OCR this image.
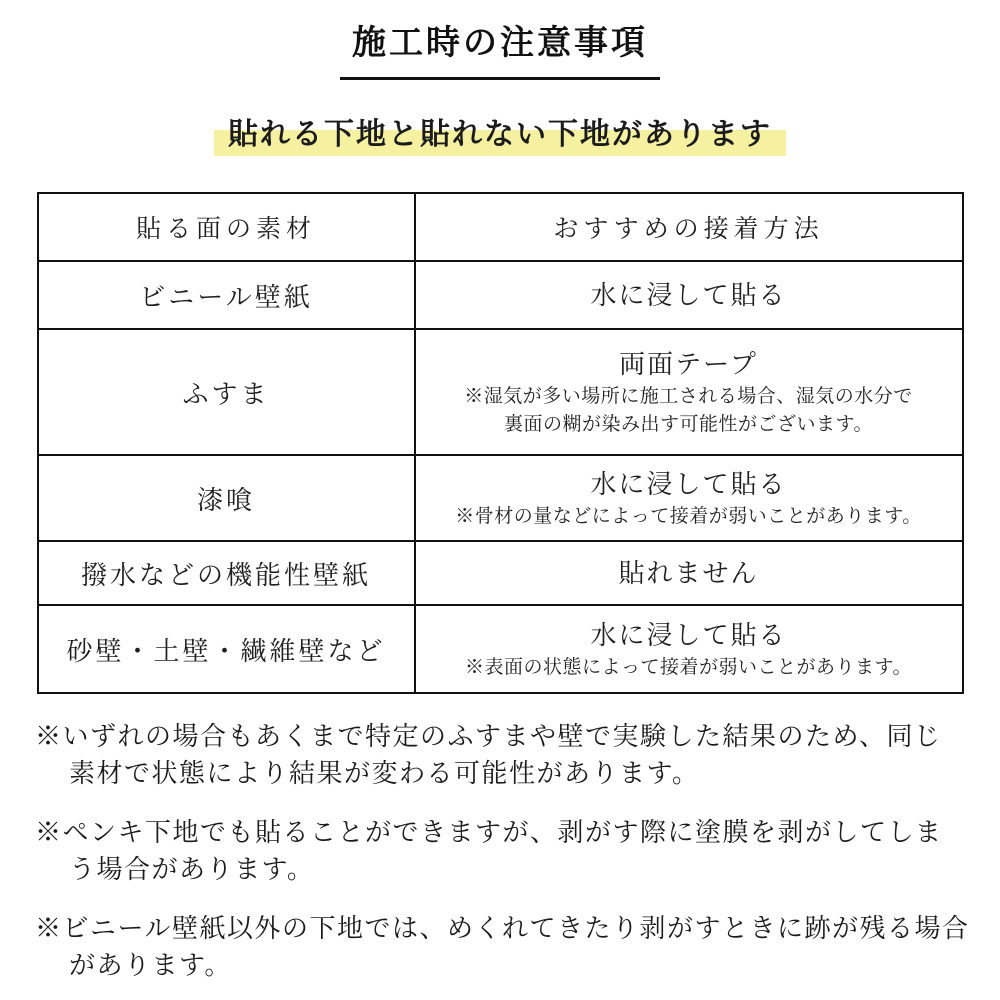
施工時の注意事項
貼れる下地と貼れない下地があります
貼る面の素材	おすすめの接着方法
ビニール壁紙	水に浸して貼る

ふすま	両面テープ
※湿気が多い場所に施工される場合、湿気の水分で
裏面の糊が染み出す可能性がございます。

漆喰	水に浸して貼る
※骨材の量などによって接着が弱いことがあります。

撥水などの機能性壁紙	貼れません

砂壁・土壁・繊維壁など	水に浸して貼る
※表面の状態によって接着が弱いことがあります。

※いずれの場合もあくまで特定のふすまや壁で実験した結果のため、同じ
素材で状態により結果が変わる可能性があります。

※ペンキ下地でも貼ることができますが、剥がす際に塗膜を剥がしてしま
う場合があります。

※ビニール壁紙以外の下地では、めくれてきたり剥がすときに跡が残る場合
があります。
